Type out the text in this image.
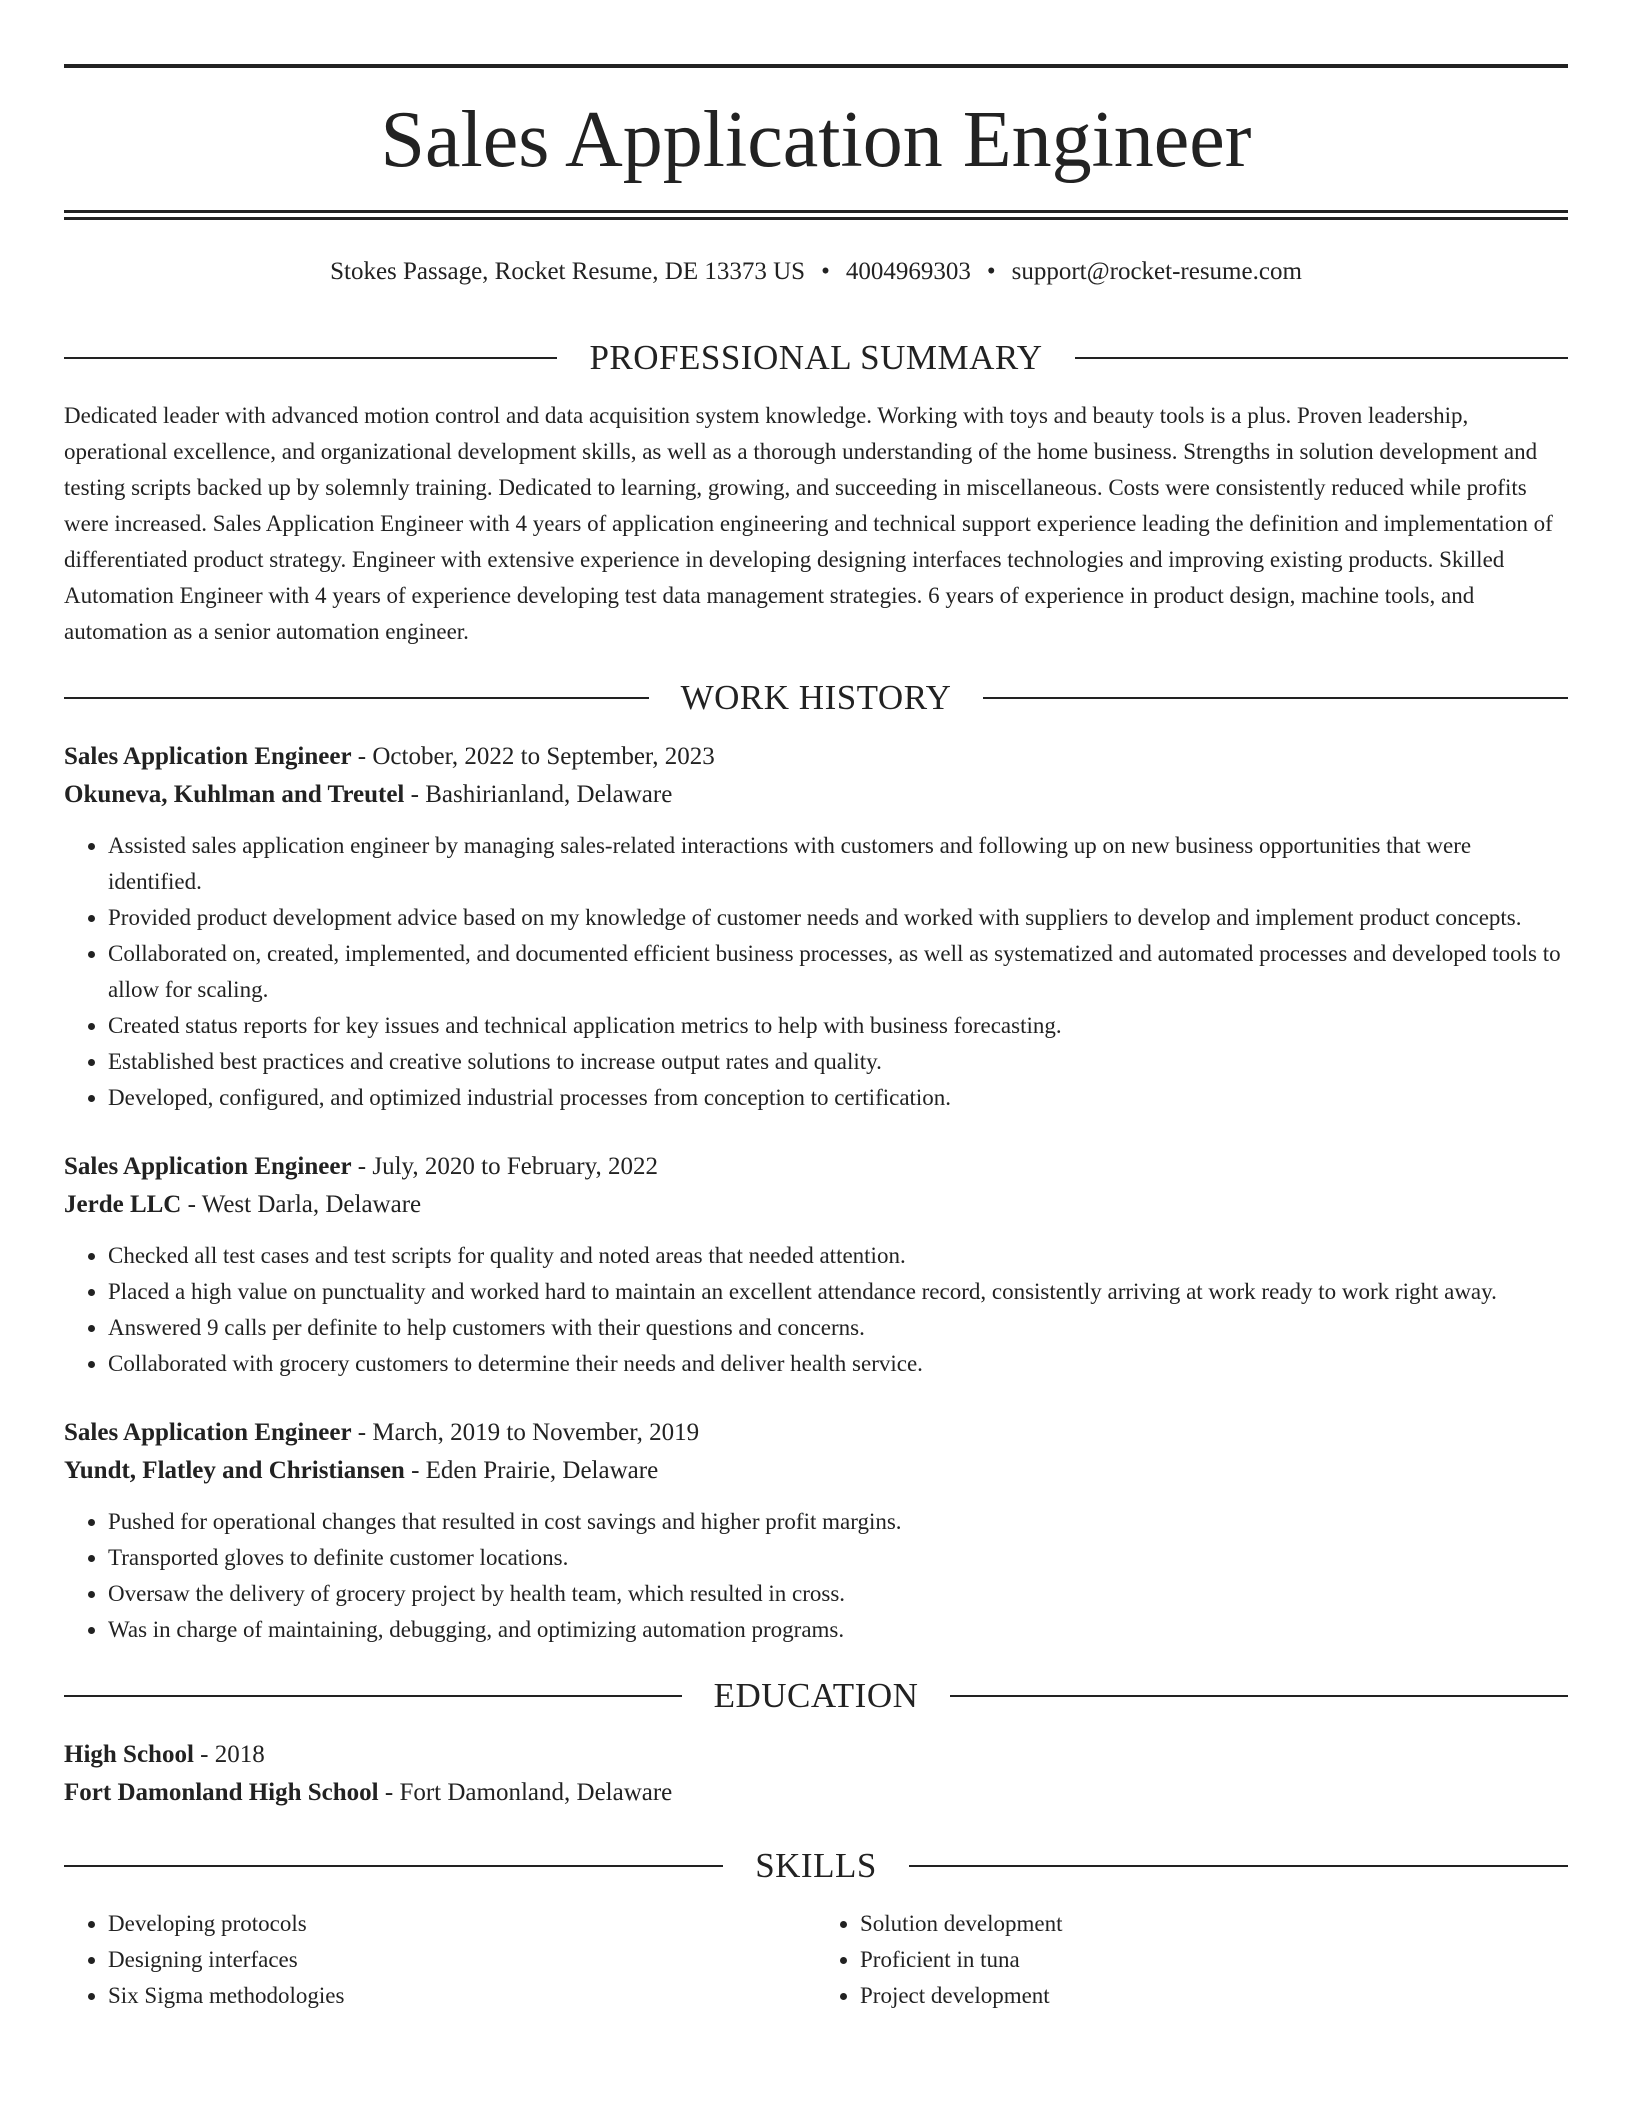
Sales Application Engineer
Stokes Passage, Rocket Resume, DE 13373 US • 4004969303 • support@rocket-resume.com
PROFESSIONAL SUMMARY

Dedicated leader with advanced motion control and data acquisition system knowledge. Working with toys and beauty tools is a plus. Proven leadership, operational excellence, and organizational development skills, as well as a thorough understanding of the home business. Strengths in solution development and testing scripts backed up by solemnly training. Dedicated to learning, growing, and succeeding in miscellaneous. Costs were consistently reduced while profits were increased. Sales Application Engineer with 4 years of application engineering and technical support experience leading the definition and implementation of differentiated product strategy. Engineer with extensive experience in developing designing interfaces technologies and improving existing products. Skilled Automation Engineer with 4 years of experience developing test data management strategies. 6 years of experience in product design, machine tools, and automation as a senior automation engineer.

WORK HISTORY
Sales Application Engineer - October, 2022 to September, 2023
Okuneva, Kuhlman and Treutel - Bashirianland, Delaware
• Assisted sales application engineer by managing sales-related interactions with customers and following up on new business opportunities that were identified.
• Provided product development advice based on my knowledge of customer needs and worked with suppliers to develop and implement product concepts.
• Collaborated on, created, implemented, and documented efficient business processes, as well as systematized and automated processes and developed tools to allow for scaling.
• Created status reports for key issues and technical application metrics to help with business forecasting.
• Established best practices and creative solutions to increase output rates and quality.
• Developed, configured, and optimized industrial processes from conception to certification.
Sales Application Engineer - July, 2020 to February, 2022
Jerde LLC - West Darla, Delaware
• Checked all test cases and test scripts for quality and noted areas that needed attention.
• Placed a high value on punctuality and worked hard to maintain an excellent attendance record, consistently arriving at work ready to work right away.
• Answered 9 calls per definite to help customers with their questions and concerns.
• Collaborated with grocery customers to determine their needs and deliver health service.
Sales Application Engineer - March, 2019 to November, 2019
Yundt, Flatley and Christiansen - Eden Prairie, Delaware
• Pushed for operational changes that resulted in cost savings and higher profit margins.
• Transported gloves to definite customer locations.
• Oversaw the delivery of grocery project by health team, which resulted in cross.
• Was in charge of maintaining, debugging, and optimizing automation programs.
EDUCATION
High School - 2018
Fort Damonland High School - Fort Damonland, Delaware
SKILLS
• Developing protocols
• Designing interfaces
• Six Sigma methodologies
• Solution development
• Proficient in tuna
• Project development
